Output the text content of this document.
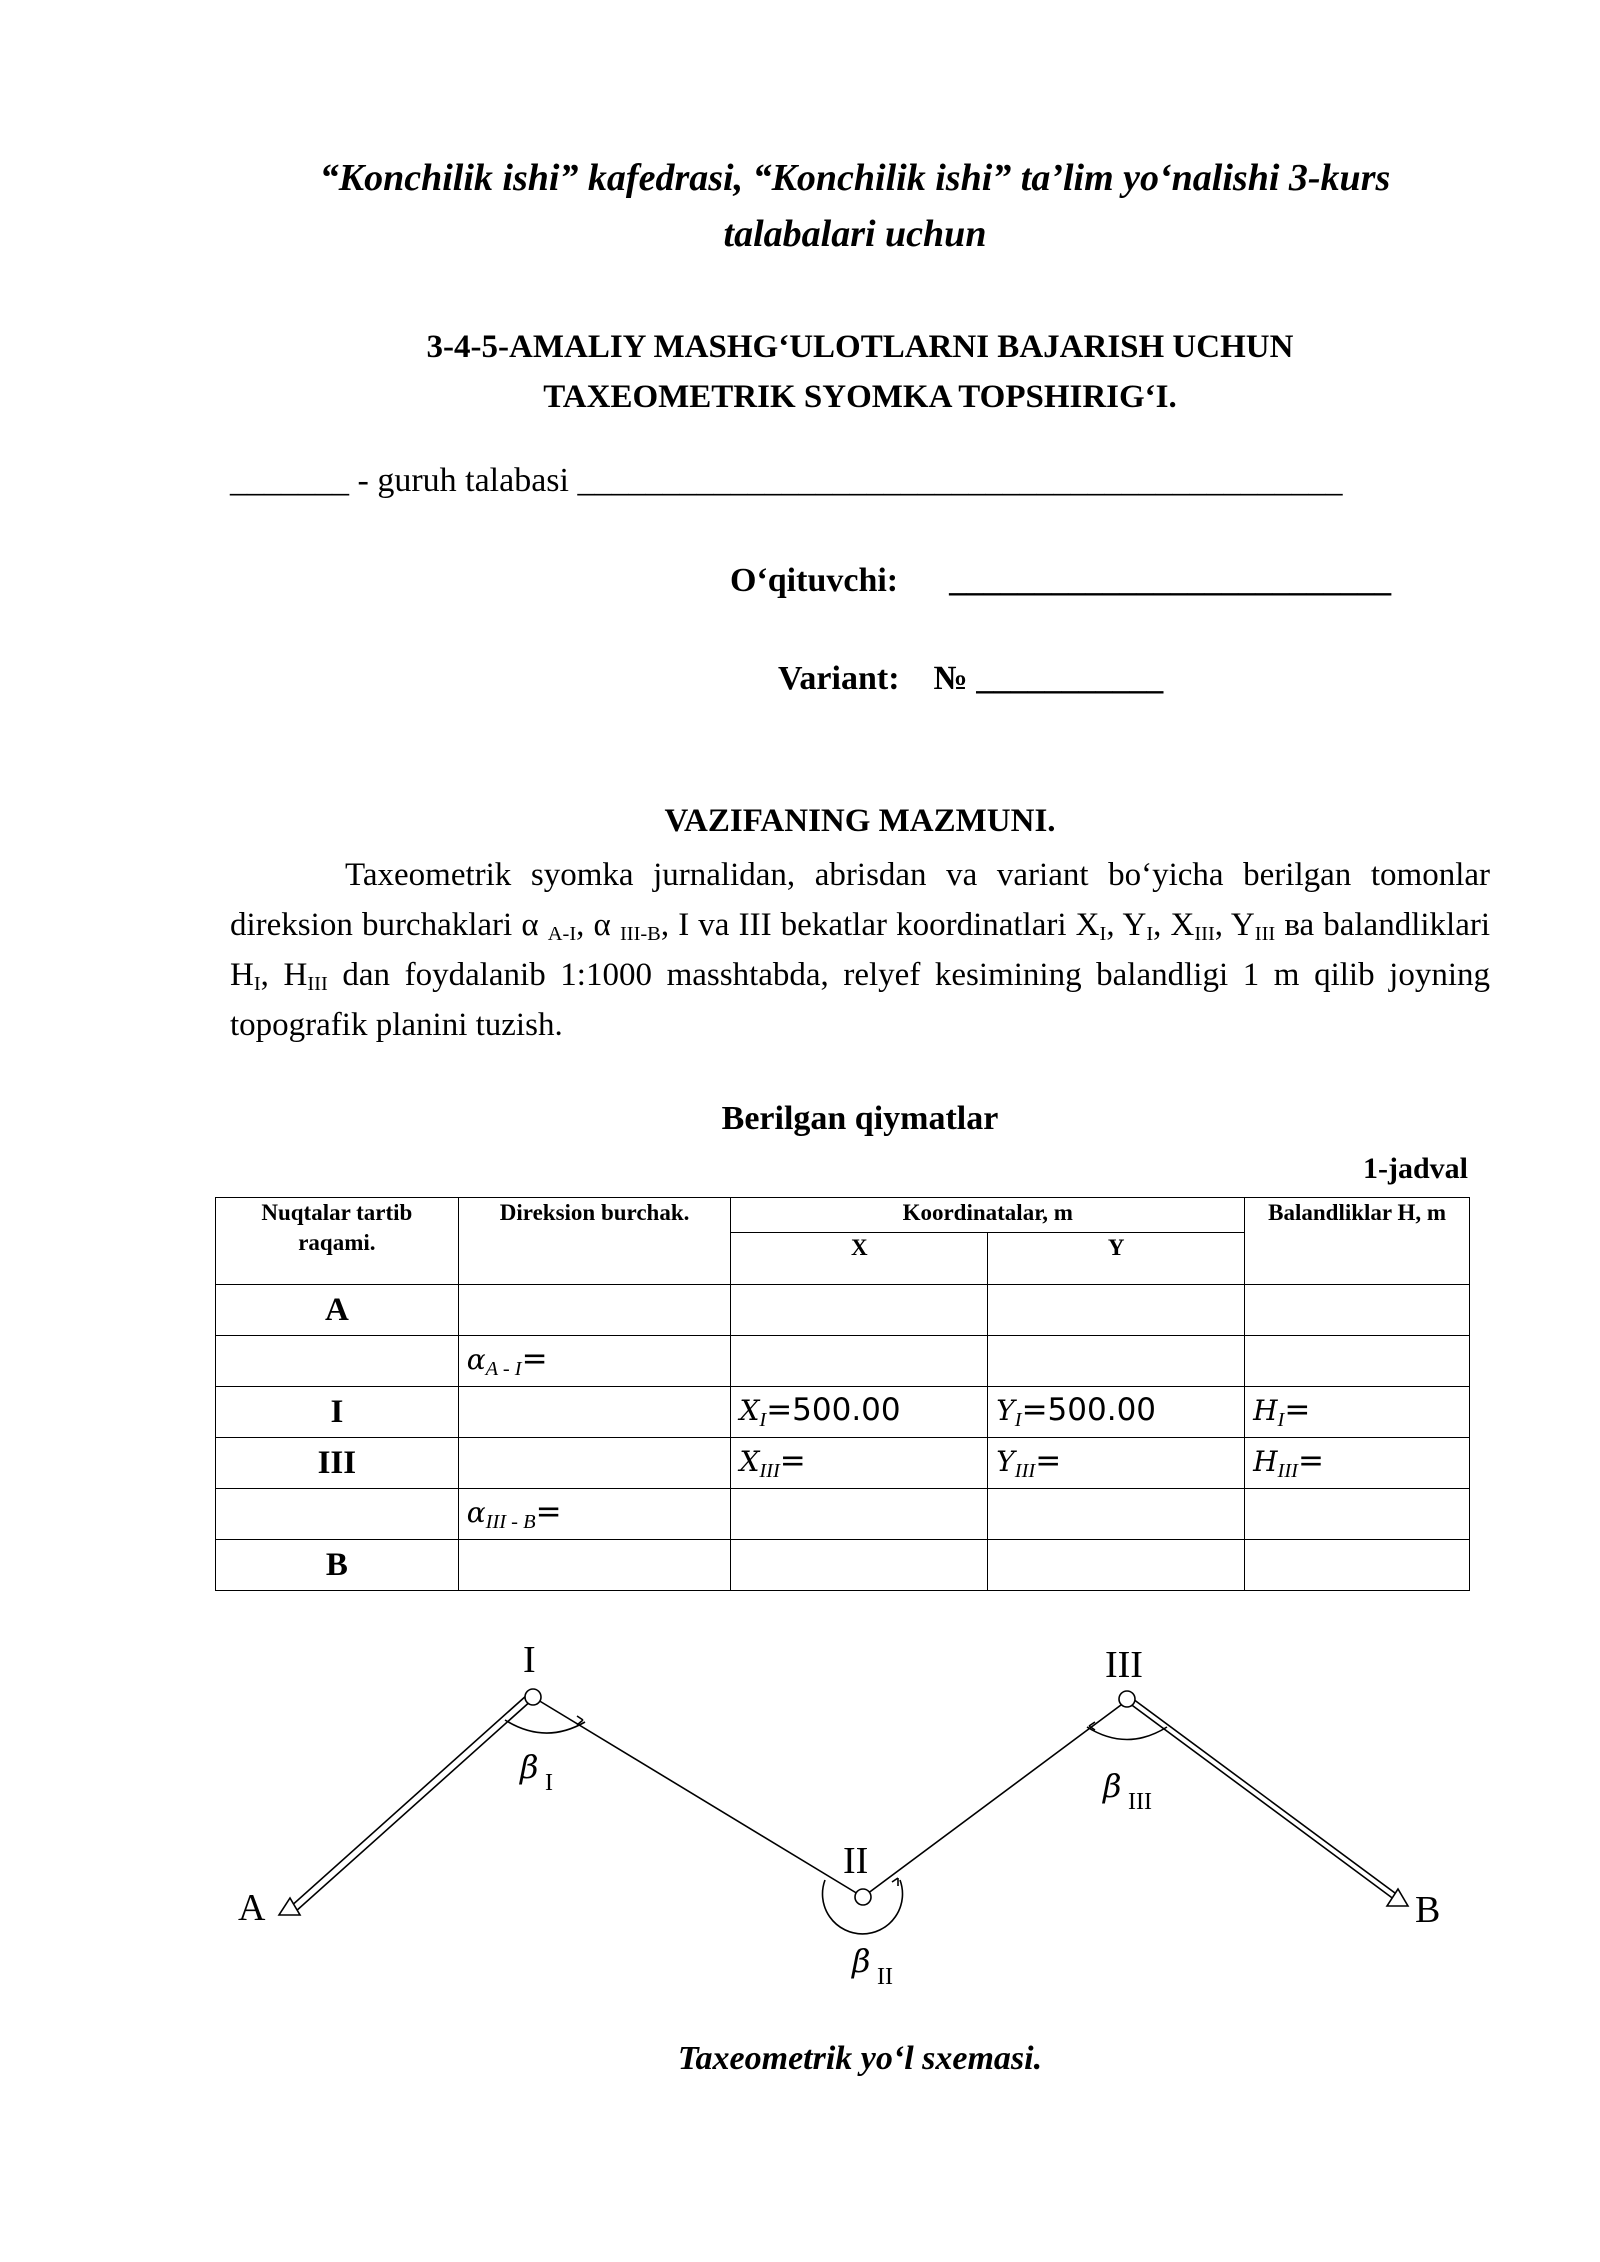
“Konchilik ishi” kafedrasi, “Konchilik ishi” ta’lim yo‘nalishi 3-kurs
talabalari uchun
3-4-5-AMALIY MASHG‘ULOTLARNI BAJARISH UCHUN
TAXEOMETRIK SYOMKA TOPSHIRIG‘I.
_______ - guruh talabasi _____________________________________________
O‘qituvchi: __________________________
Variant: № ___________
VAZIFANING MAZMUNI.
Taxeometrik syomka jurnalidan, abrisdan va variant bo‘yicha berilgan tomonlar direksion burchaklari α $_{A-I}$, α $_{III-B}$, I va III bekatlar koordinatlari $X_I$, $Y_I$, $X_{III}$, $Y_{III}$ ва balandliklari $H_I$, $H_{III}$ dan foydalanib 1:1000 masshtabda, relyef kesimining balandligi 1 m qilib joyning topografik planini tuzish.
Berilgan qiymatlar
1-jadval
Nuqtalar tartib raqami.	Direksion burchak.	Koordinatalar, m		Balandliklar H, m
		X	Y	
A				
	αA - I=			
I		XI=500.00	YI=500.00	HI=
III		XIII=	YIII=	HIII=
	αIII - B=			
B				
A	B
I
II
III
β I
β II
β III
Taxeometrik yo‘l sxemasi.
